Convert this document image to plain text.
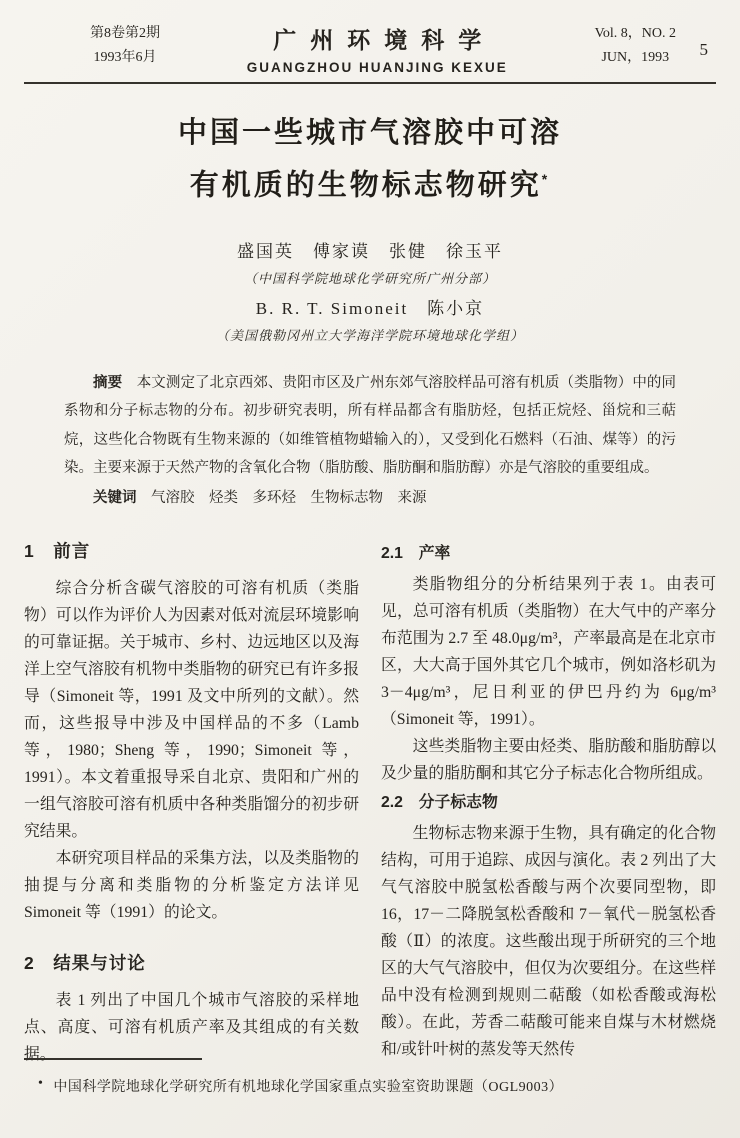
第8卷第2期
1993年6月
广州环境科学
GUANGZHOU HUANJING KEXUE
Vol. 8，NO. 2
JUN，1993	5
中国一些城市气溶胶中可溶
有机质的生物标志物研究*
盛国英　傅家谟　张健　徐玉平
（中国科学院地球化学研究所广州分部）
B. R. T. Simoneit　陈小京
（美国俄勒冈州立大学海洋学院环境地球化学组）

摘要　 本文测定了北京西郊、贵阳市区及广州东郊气溶胶样品可溶有机质（类脂物）中的同系物和分子标志物的分布。初步研究表明，所有样品都含有脂肪烃，包括正烷烃、甾烷和三萜烷，这些化合物既有生物来源的（如维管植物蜡输入的），又受到化石燃料（石油、煤等）的污染。主要来源于天然产物的含氧化合物（脂肪酸、脂肪酮和脂肪醇）亦是气溶胶的重要组成。

关键词　 气溶胶　烃类　多环烃　生物标志物　来源
1　前言

综合分析含碳气溶胶的可溶有机质（类脂物）可以作为评价人为因素对低对流层环境影响的可靠证据。关于城市、乡村、边远地区以及海洋上空气溶胶有机物中类脂物的研究已有许多报导（Simoneit 等，1991 及文中所列的文献）。然而，这些报导中涉及中国样品的不多（Lamb 等，1980；Sheng 等，1990；Simoneit 等，1991）。本文着重报导采自北京、贵阳和广州的一组气溶胶可溶有机质中各种类脂馏分的初步研究结果。

本研究项目样品的采集方法，以及类脂物的抽提与分离和类脂物的分析鉴定方法详见 Simoneit 等（1991）的论文。

2　结果与讨论

表 1 列出了中国几个城市气溶胶的采样地点、高度、可溶有机质产率及其组成的有关数据。

2.1　产率

类脂物组分的分析结果列于表 1。由表可见，总可溶有机质（类脂物）在大气中的产率分布范围为 2.7 至 48.0μg/m³，产率最高是在北京市区，大大高于国外其它几个城市，例如洛杉矶为 3－4μg/m³，尼日利亚的伊巴丹约为 6μg/m³（Simoneit 等，1991）。

这些类脂物主要由烃类、脂肪酸和脂肪醇以及少量的脂肪酮和其它分子标志化合物所组成。

2.2　分子标志物

生物标志物来源于生物，具有确定的化合物结构，可用于追踪、成因与演化。表 2 列出了大气气溶胶中脱氢松香酸与两个次要同型物，即 16，17－二降脱氢松香酸和 7－氧代－脱氢松香酸（Ⅱ）的浓度。这些酸出现于所研究的三个地区的大气气溶胶中，但仅为次要组分。在这些样品中没有检测到规则二萜酸（如松香酸或海松酸）。在此，芳香二萜酸可能来自煤与木材燃烧和/或针叶树的蒸发等天然传

• 中国科学院地球化学研究所有机地球化学国家重点实验室资助课题（OGL9003）
